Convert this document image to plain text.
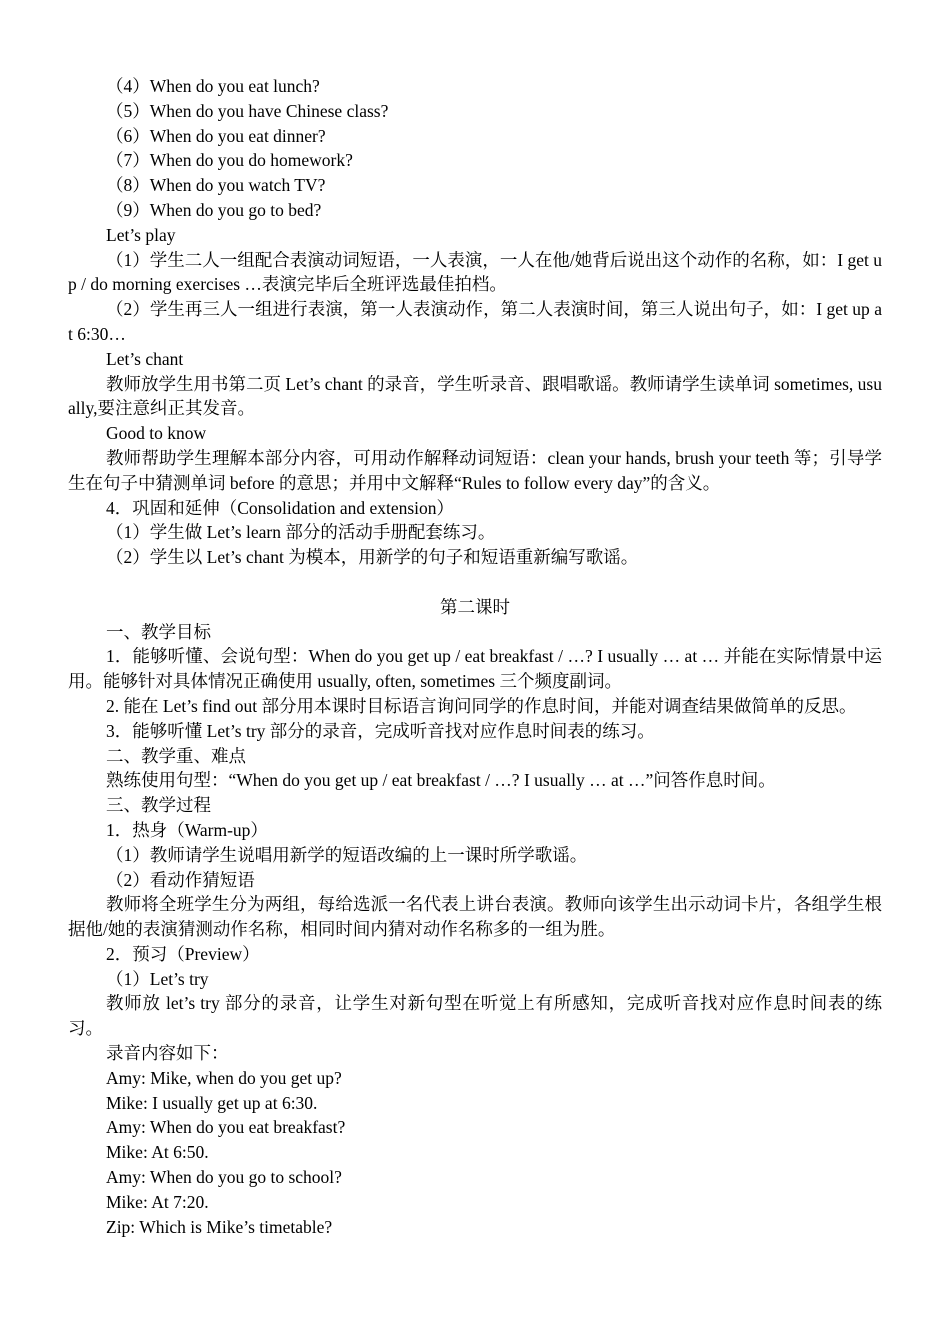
（4）When do you eat lunch?

（5）When do you have Chinese class?

（6）When do you eat dinner?

（7）When do you do homework?

（8）When do you watch TV?

（9）When do you go to bed?

Let’s play

（1）学生二人一组配合表演动词短语，一人表演，一人在他/她背后说出这个动作的名称，如：I get up / do morning exercises …表演完毕后全班评选最佳拍档。

（2）学生再三人一组进行表演，第一人表演动作，第二人表演时间，第三人说出句子，如：I get up at 6:30…

Let’s chant

教师放学生用书第二页 Let’s chant 的录音，学生听录音、跟唱歌谣。教师请学生读单词 sometimes, usually,要注意纠正其发音。

Good to know

教师帮助学生理解本部分内容，可用动作解释动词短语：clean your hands, brush your teeth 等；引导学生在句子中猜测单词 before 的意思；并用中文解释“Rules to follow every day”的含义。

4．巩固和延伸（Consolidation and extension）

（1）学生做 Let’s learn 部分的活动手册配套练习。

（2）学生以 Let’s chant 为模本，用新学的句子和短语重新编写歌谣。

第二课时

一、教学目标

1．能够听懂、会说句型：When do you get up / eat breakfast / …? I usually … at … 并能在实际情景中运用。能够针对具体情况正确使用 usually, often, sometimes 三个频度副词。

2. 能在 Let’s find out 部分用本课时目标语言询问同学的作息时间，并能对调查结果做简单的反思。

3．能够听懂 Let’s try 部分的录音，完成听音找对应作息时间表的练习。

二、教学重、难点

熟练使用句型：“When do you get up / eat breakfast / …? I usually … at …”问答作息时间。

三、教学过程

1．热身（Warm-up）

（1）教师请学生说唱用新学的短语改编的上一课时所学歌谣。

（2）看动作猜短语

教师将全班学生分为两组，每给选派一名代表上讲台表演。教师向该学生出示动词卡片，各组学生根据他/她的表演猜测动作名称，相同时间内猜对动作名称多的一组为胜。

2．预习（Preview）

（1）Let’s try

教师放 let’s try 部分的录音，让学生对新句型在听觉上有所感知，完成听音找对应作息时间表的练习。

录音内容如下：

Amy: Mike, when do you get up?

Mike: I usually get up at 6:30.

Amy: When do you eat breakfast?

Mike: At 6:50.

Amy: When do you go to school?

Mike: At 7:20.

Zip: Which is Mike’s timetable?
